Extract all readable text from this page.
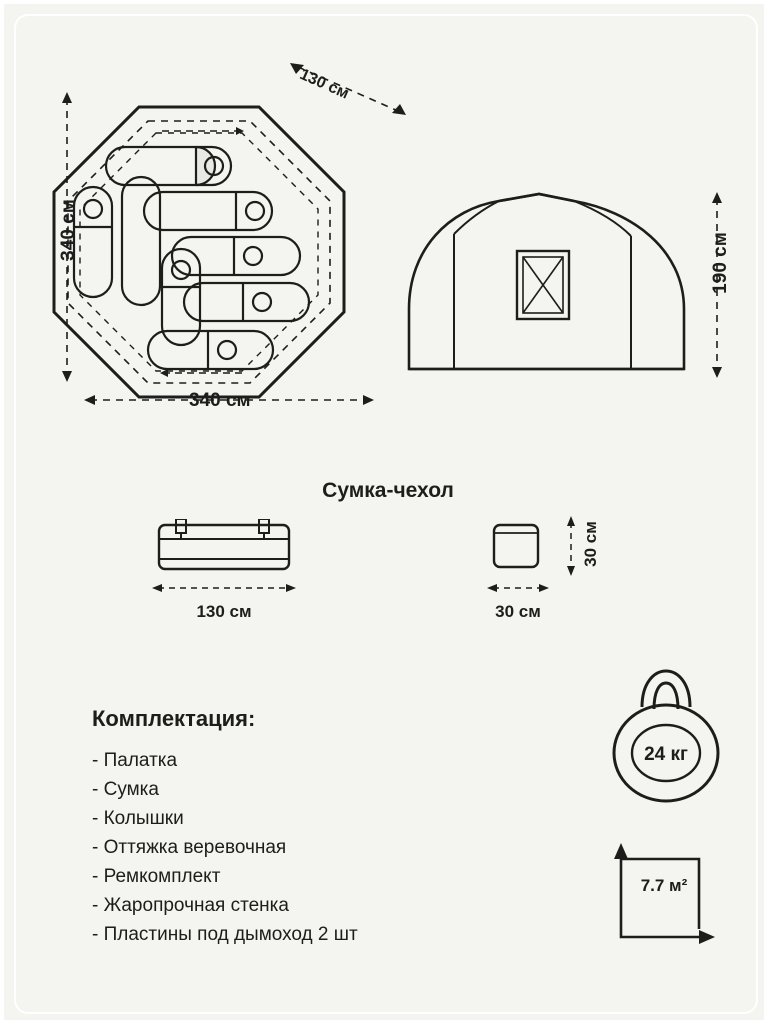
340 см
340 см
130 см
190 см
Сумка-чехол
130 см	30 см
30 см
Комплектация:
- Палатка
- Сумка
- Колышки
- Оттяжка веревочная
- Ремкомплект
- Жаропрочная стенка
- Пластины под дымоход 2 шт
24 кг
7.7 м²
